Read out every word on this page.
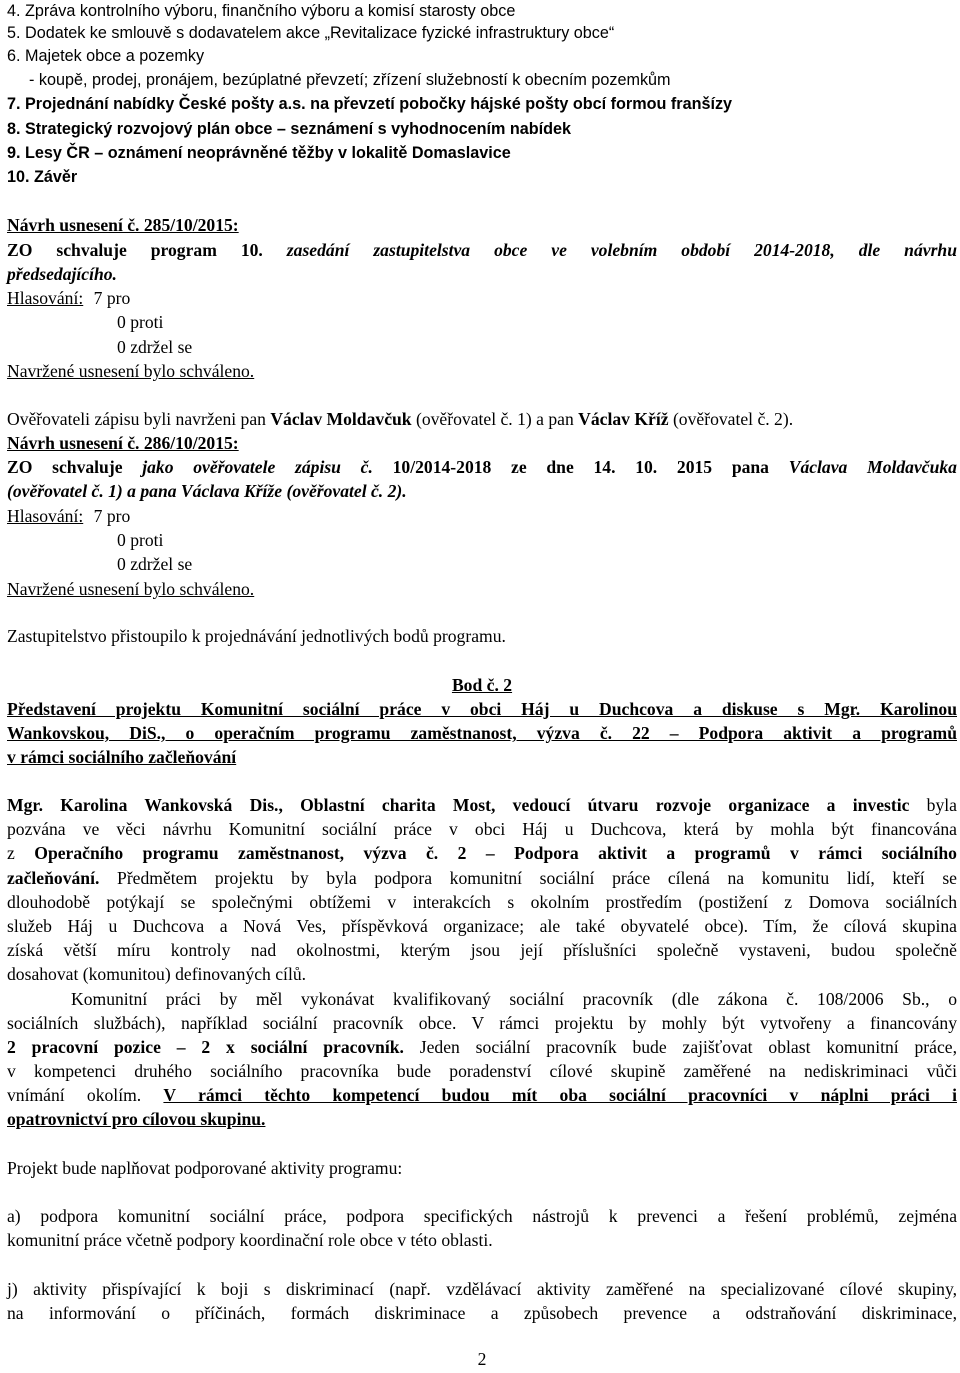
4. Zpráva kontrolního výboru, finančního výboru a komisí starosty obce
5. Dodatek ke smlouvě s dodavatelem akce „Revitalizace fyzické infrastruktury obce“
6. Majetek obce a pozemky
- koupě, prodej, pronájem, bezúplatné převzetí; zřízení služebností k obecním pozemkům
7. Projednání nabídky České pošty a.s. na převzetí pobočky hájské pošty obcí formou franšízy
8. Strategický rozvojový plán obce – seznámení s vyhodnocením nabídek
9. Lesy ČR – oznámení neoprávněné těžby v lokalitě Domaslavice
10. Závěr
Návrh usnesení č. 285/10/2015:
ZO schvaluje program 10. zasedání zastupitelstva obce ve volebním období 2014-2018, dle návrhu
předsedajícího.
Hlasování: 7 pro
0 proti
0 zdržel se
Navržené usnesení bylo schváleno.
Ověřovateli zápisu byli navrženi pan Václav Moldavčuk (ověřovatel č. 1) a pan Václav Kříž (ověřovatel č. 2).
Návrh usnesení č. 286/10/2015:
ZO schvaluje jako ověřovatele zápisu č. 10/2014-2018 ze dne 14. 10. 2015 pana Václava Moldavčuka
(ověřovatel č. 1) a pana Václava Kříže (ověřovatel č. 2).
Hlasování: 7 pro
0 proti
0 zdržel se
Navržené usnesení bylo schváleno.
Zastupitelstvo přistoupilo k projednávání jednotlivých bodů programu.
Bod č. 2
Představení projektu Komunitní sociální práce v obci Háj u Duchcova a diskuse s Mgr. Karolinou
Wankovskou, DiS., o operačním programu zaměstnanost, výzva č. 22 – Podpora aktivit a programů
v rámci sociálního začleňování
Mgr. Karolina Wankovská Dis., Oblastní charita Most, vedoucí útvaru rozvoje organizace a investic byla
pozvána ve věci návrhu Komunitní sociální práce v obci Háj u Duchcova, která by mohla být financována
z Operačního programu zaměstnanost, výzva č. 2 – Podpora aktivit a programů v rámci sociálního
začleňování. Předmětem projektu by byla podpora komunitní sociální práce cílená na komunitu lidí, kteří se
dlouhodobě potýkají se společnými obtížemi v interakcích s okolním prostředím (postižení z Domova sociálních
služeb Háj u Duchcova a Nová Ves, příspěvková organizace; ale také obyvatelé obce). Tím, že cílová skupina
získá větší míru kontroly nad okolnostmi, kterým jsou její příslušníci společně vystaveni, budou společně
dosahovat (komunitou) definovaných cílů.
Komunitní práci by měl vykonávat kvalifikovaný sociální pracovník (dle zákona č. 108/2006 Sb., o
sociálních službách), například sociální pracovník obce. V rámci projektu by mohly být vytvořeny a financovány
2 pracovní pozice – 2 x sociální pracovník. Jeden sociální pracovník bude zajišťovat oblast komunitní práce,
v kompetenci druhého sociálního pracovníka bude poradenství cílové skupině zaměřené na nediskriminaci vůči
vnímání okolím. V rámci těchto kompetencí budou mít oba sociální pracovníci v náplni práci i
opatrovnictví pro cílovou skupinu.
Projekt bude naplňovat podporované aktivity programu:
a) podpora komunitní sociální práce, podpora specifických nástrojů k prevenci a řešení problémů, zejména
komunitní práce včetně podpory koordinační role obce v této oblasti.
j) aktivity přispívající k boji s diskriminací (např. vzdělávací aktivity zaměřené na specializované cílové skupiny,
na informování o příčinách, formách diskriminace a způsobech prevence a odstraňování diskriminace,
2
